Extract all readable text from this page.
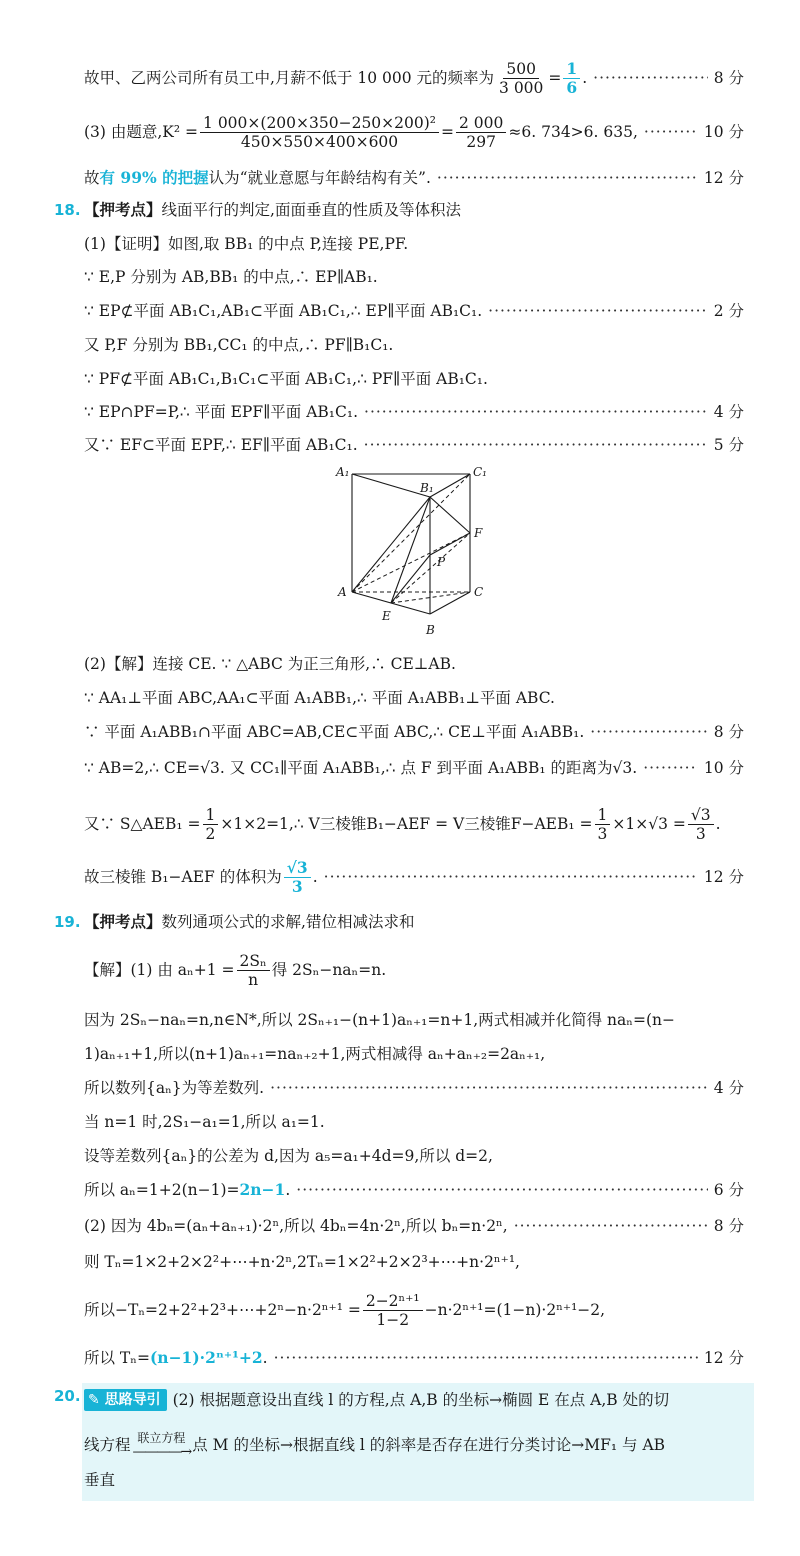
故甲、乙两公司所有员工中,月薪不低于 10 000 元的频率为 $\frac{500}{3 000} = \frac{1}{6}$ . ·····	8 分
(3) 由题意$,K^2 = \frac{\text{1 000×(200×350−250×200)²}}{450\times 550\times 400\times 600} = \frac{2 000}{297} \approx 6$. 734>6. 635, ·····	10 分
故 有 99% 的把握 认为“就业意愿与年龄结构有关”. ·····	12 分
18. 【押考点】 线面平行的判定,面面垂直的性质及等体积法
(1)【证明】如图,取 BB₁ 的中点 P,连接 PE,PF.
∵ E,P 分别为 AB,BB₁ 的中点,∴ EP∥AB₁.
∵ EP⊄平面 AB₁C₁,AB₁⊂平面 AB₁C₁,∴ EP∥平面 AB₁C₁. ·····	2 分
又 P,F 分别为 BB₁,CC₁ 的中点,∴ PF∥B₁C₁.
∵ PF⊄平面 AB₁C₁,B₁C₁⊂平面 AB₁C₁,∴ PF∥平面 AB₁C₁.
∵ EP∩PF=P,∴ 平面 EPF∥平面 AB₁C₁. ·····	4 分
又∵ EF⊂平面 EPF,∴ EF∥平面 AB₁C₁. ·····	5 分
A₁	C₁
B₁
F
P
A	C
E
B
(2)【解】连接 CE. ∵ △ABC 为正三角形,∴ CE⊥AB.
∵ AA₁⊥平面 ABC,AA₁⊂平面 A₁ABB₁,∴ 平面 A₁ABB₁⊥平面 ABC.
∵ 平面 A₁ABB₁∩平面 ABC=AB,CE⊂平面 ABC,∴ CE⊥平面 A₁ABB₁. ·····	8 分
∵ AB=2,∴ CE=√3. 又 CC₁∥平面 A₁ABB₁,∴ 点 F 到平面 A₁ABB₁ 的距离为√3. ·····	10 分
又∵ S△AEB₁ = $\frac{1}{2}$ ×1×2=1,∴ V三棱锥B₁−AEF = V三棱锥$F-AEB_1 = \frac{1}{3} \times 1\times√3 = \frac{√3}{3}$ .
故三棱锥 B₁−AEF 的体积为 $\frac{√3}{3}$ . ·····	12 分
19. 【押考点】 数列通项公式的求解,错位相减法求和
【解】(1) 由 $a_n+1 = \frac{\text{2Sₙ}}{n}$ 得 2Sₙ−naₙ=n.
因为 2Sₙ−naₙ=n,n∈N*,所以 2Sₙ₊₁−(n+1)aₙ₊₁=n+1,两式相减并化简得 naₙ=(n−
1)aₙ₊₁+1,所以(n+1)aₙ₊₁=naₙ₊₂+1,两式相减得 aₙ+aₙ₊₂=2aₙ₊₁,
所以数列{aₙ}为等差数列. ·····	4 分
当 n=1 时,2S₁−a₁=1,所以 a₁=1.
设等差数列{aₙ}的公差为 d,因为 a₅=a₁+4d=9,所以 d=2,
所以 aₙ=1+2(n−1)= 2n−1 . ·····	6 分
(2) 因为 4bₙ=(aₙ+aₙ₊₁)·2ⁿ,所以 4bₙ=4n·2ⁿ,所以 bₙ=n·2ⁿ, ·····	8 分
则 Tₙ=1×2+2×2²+⋯+n·2ⁿ,2Tₙ=1×2²+2×2³+⋯+n·2ⁿ⁺¹,
所以−Tₙ=2+2²+2³+⋯+2ⁿ−n·2ⁿ⁺¹ = $\frac{\text{2−2ⁿ⁺¹}}{1-2} -n\cdot 2^{n+1}=(1-n)\cdot 2^{n+1}-2$,
所以 Tₙ= (n−1)·2ⁿ⁺¹+2 . ·····	12 分
20. ✎ 思路导引 (2) 根据题意设出直线 l 的方程,点 A,B 的坐标→椭圆 E 在点 A,B 处的切
线方程 联立方程
————→ 点 M 的坐标→根据直线 l 的斜率是否存在进行分类讨论→MF₁ 与 AB
垂直
